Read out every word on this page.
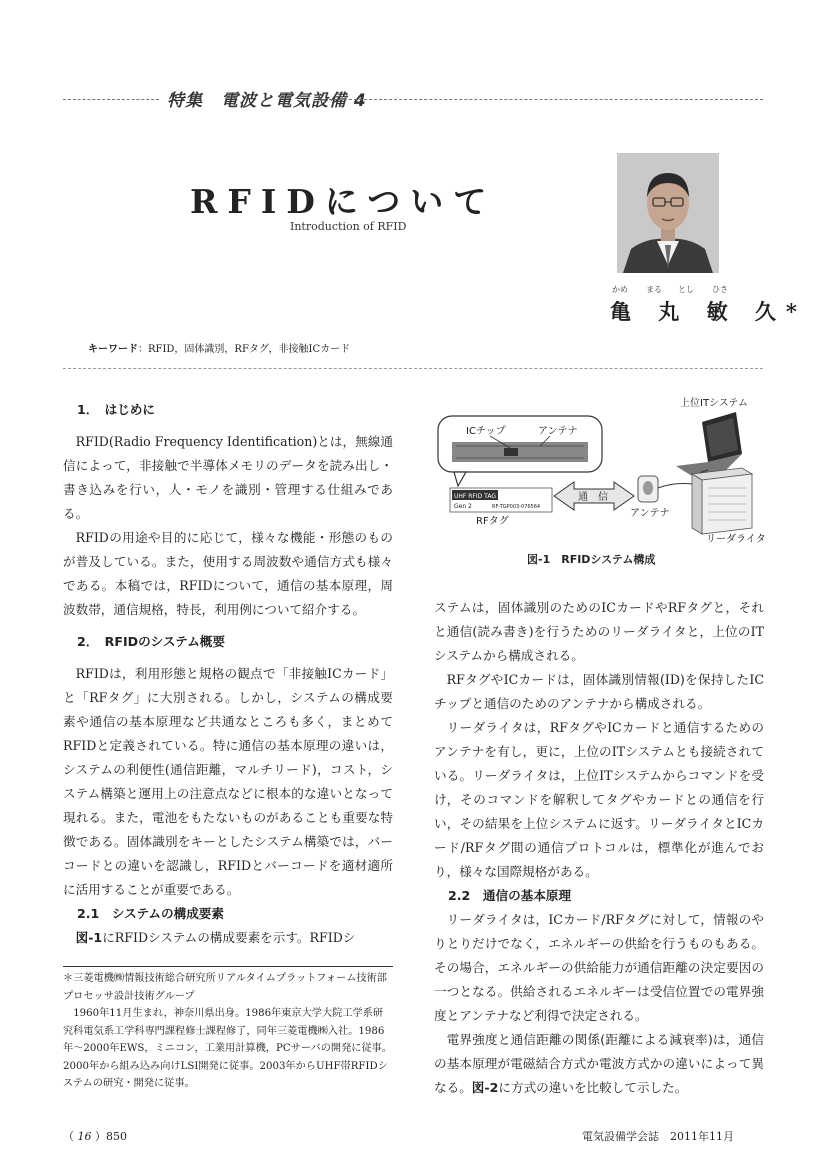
特集　電波と電気設備 4
RFIDについて
Introduction of RFID
かめ まる とし ひさ
亀 丸 敏 久*
キーワード：RFID，固体識別，RFタグ，非接触ICカード
1．　はじめに

RFID(Radio Frequency Identification)とは，無線通信によって，非接触で半導体メモリのデータを読み出し・書き込みを行い，人・モノを識別・管理する仕組みである。

RFIDの用途や目的に応じて，様々な機能・形態のものが普及している。また，使用する周波数や通信方式も様々である。本稿では，RFIDについて，通信の基本原理，周波数帯，通信規格，特長，利用例について紹介する。

2．　RFIDのシステム概要

RFIDは，利用形態と規格の観点で「非接触ICカード」と「RFタグ」に大別される。しかし，システムの構成要素や通信の基本原理など共通なところも多く，まとめてRFIDと定義されている。特に通信の基本原理の違いは，システムの利便性(通信距離，マルチリード)，コスト，システム構築と運用上の注意点などに根本的な違いとなって現れる。また，電池をもたないものがあることも重要な特徴である。固体識別をキーとしたシステム構築では，バーコードとの違いを認識し，RFIDとバーコードを適材適所に活用することが重要である。

2.1　システムの構成要素

図-1にRFIDシステムの構成要素を示す。RFIDシ

上位ITシステム
ICチップ	アンテナ
UHF RFID TAG
Gen 2	RF-TGP003-076564
RFタグ
通　信
アンテナ
リーダライタ
図-1　RFIDシステム構成

ステムは，固体識別のためのICカードやRFタグと，それと通信(読み書き)を行うためのリーダライタと，上位のITシステムから構成される。

RFタグやICカードは，固体識別情報(ID)を保持したICチップと通信のためのアンテナから構成される。

リーダライタは，RFタグやICカードと通信するためのアンテナを有し，更に，上位のITシステムとも接続されている。リーダライタは，上位ITシステムからコマンドを受け，そのコマンドを解釈してタグやカードとの通信を行い，その結果を上位システムに返す。リーダライタとICカード/RFタグ間の通信プロトコルは，標準化が進んでおり，様々な国際規格がある。

2.2　通信の基本原理

リーダライタは，ICカード/RFタグに対して，情報のやりとりだけでなく，エネルギーの供給を行うものもある。その場合，エネルギーの供給能力が通信距離の決定要因の一つとなる。供給されるエネルギーは受信位置での電界強度とアンテナなど利得で決定される。

電界強度と通信距離の関係(距離による減衰率)は，通信の基本原理が電磁結合方式か電波方式かの違いによって異なる。図-2に方式の違いを比較して示した。

＊三菱電機㈱情報技術総合研究所リアルタイムプラットフォーム技術部プロセッサ設計技術グループ
1960年11月生まれ，神奈川県出身。1986年東京大学大院工学系研究科電気系工学科専門課程修士課程修了，同年三菱電機㈱入社。1986年～2000年EWS，ミニコン，工業用計算機，PCサーバの開発に従事。2000年から組み込み向けLSI開発に従事。2003年からUHF帯RFIDシステムの研究・開発に従事。
（ 16 ）850	電気設備学会誌　2011年11月
